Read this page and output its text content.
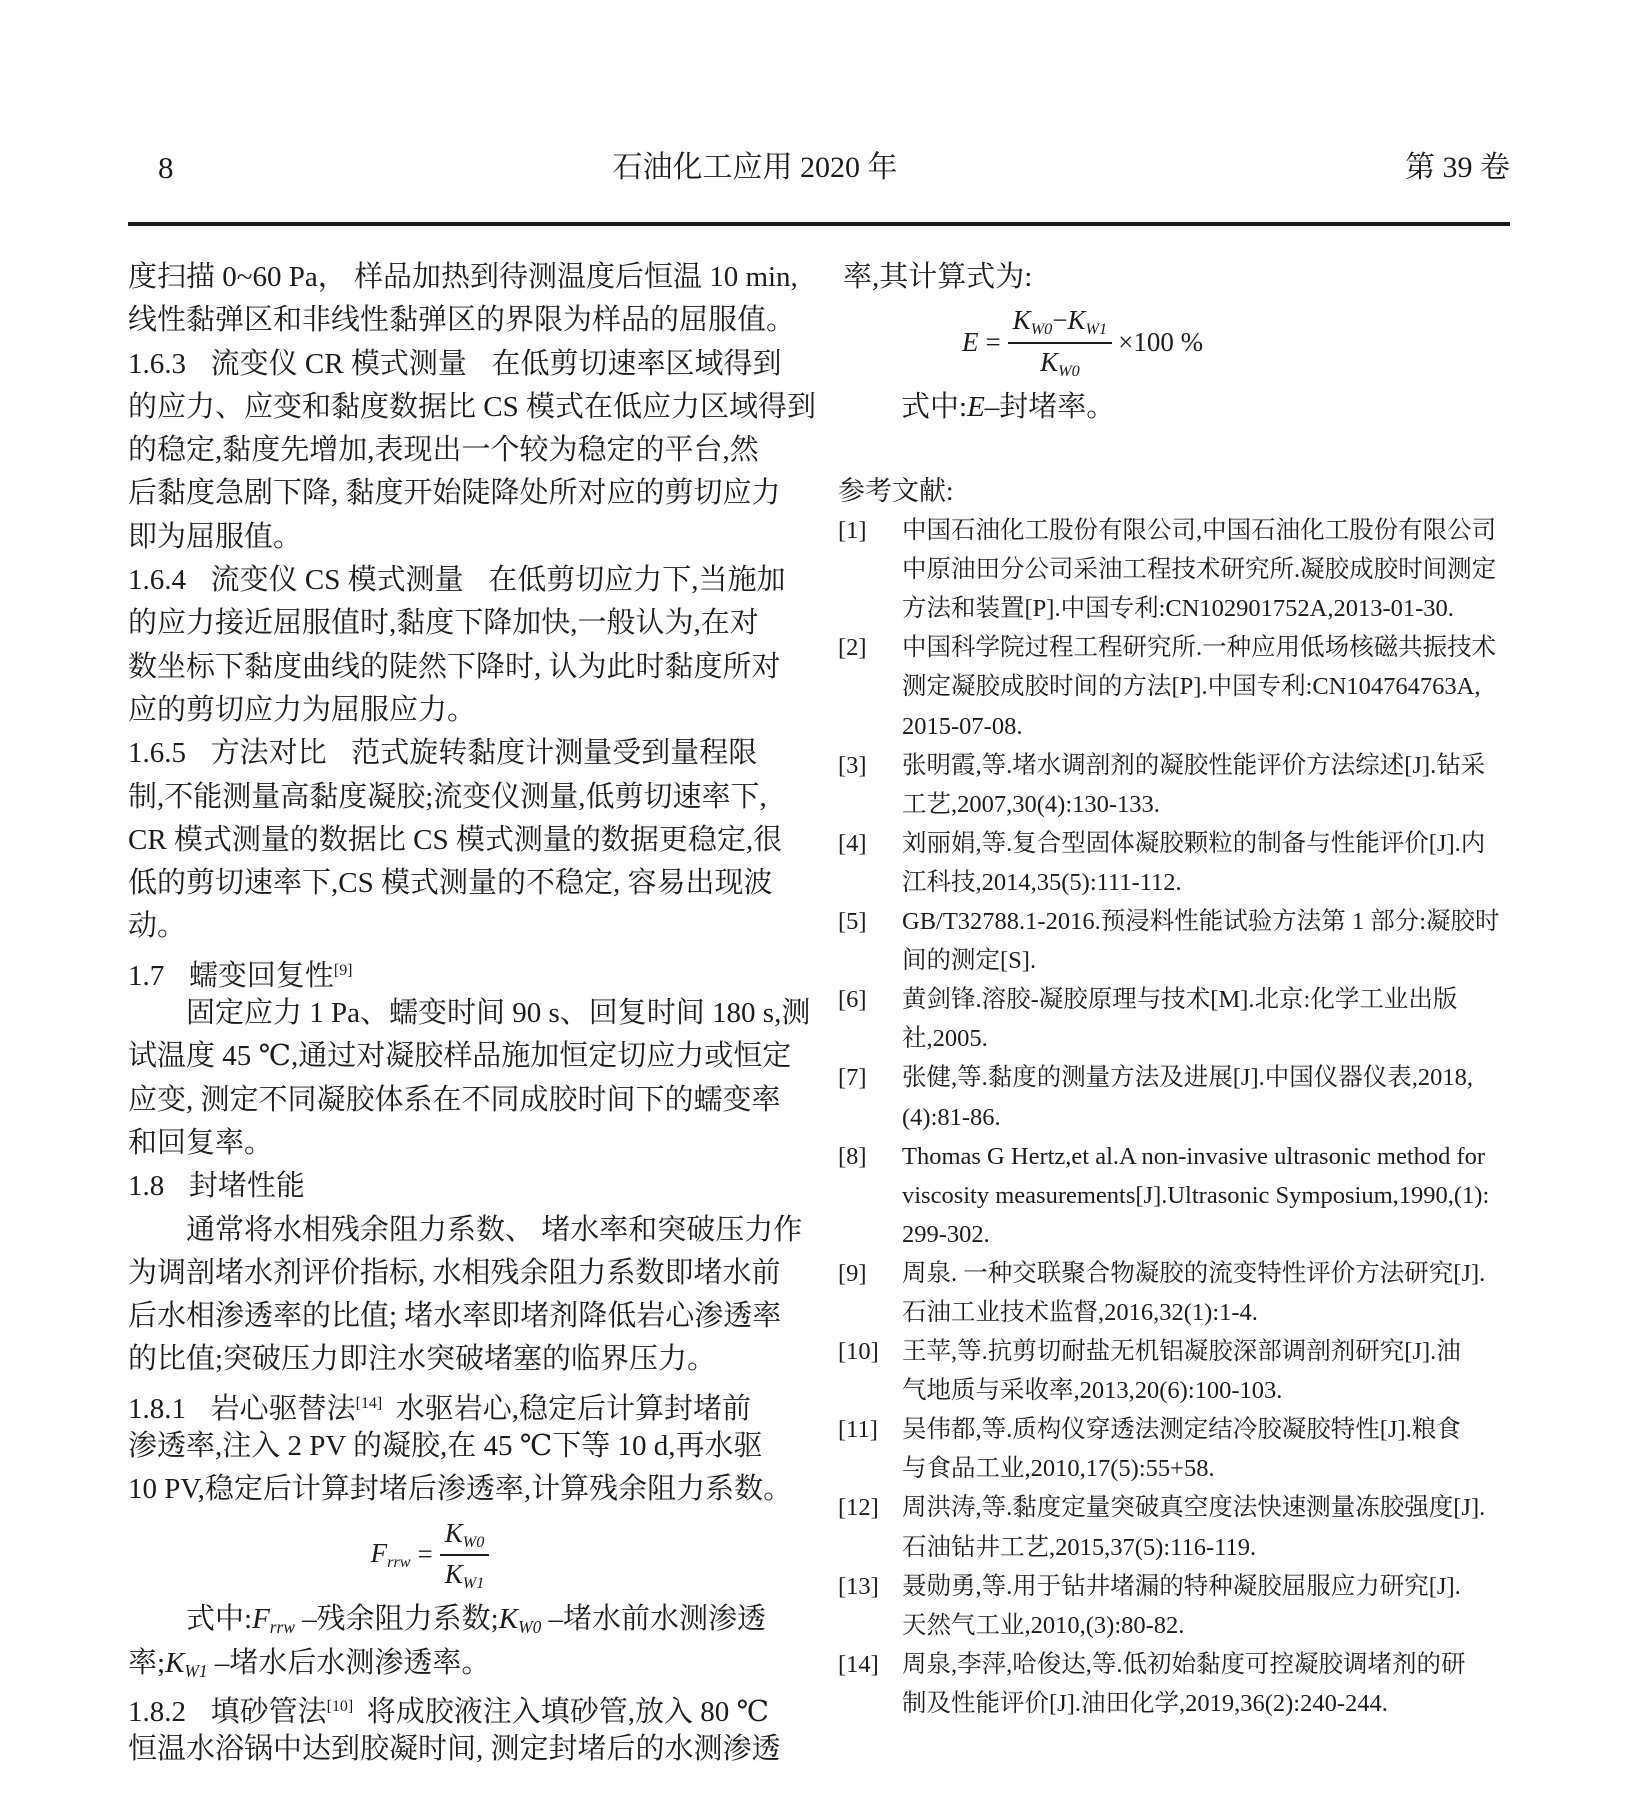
8	石油化工应用 2020 年	第 39 卷
度扫描 0~60 Pa， 样品加热到待测温度后恒温 10 min,
线性黏弹区和非线性黏弹区的界限为样品的屈服值。
1.6.3 流变仪 CR 模式测量 在低剪切速率区域得到
的应力、应变和黏度数据比 CS 模式在低应力区域得到
的稳定,黏度先增加,表现出一个较为稳定的平台,然
后黏度急剧下降, 黏度开始陡降处所对应的剪切应力
即为屈服值。
1.6.4 流变仪 CS 模式测量 在低剪切应力下,当施加
的应力接近屈服值时,黏度下降加快,一般认为,在对
数坐标下黏度曲线的陡然下降时, 认为此时黏度所对
应的剪切应力为屈服应力。
1.6.5 方法对比 范式旋转黏度计测量受到量程限
制,不能测量高黏度凝胶;流变仪测量,低剪切速率下,
CR 模式测量的数据比 CS 模式测量的数据更稳定,很
低的剪切速率下,CS 模式测量的不稳定, 容易出现波
动。
1.7 蠕变回复性[9]
固定应力 1 Pa、蠕变时间 90 s、回复时间 180 s,测
试温度 45 ℃,通过对凝胶样品施加恒定切应力或恒定
应变, 测定不同凝胶体系在不同成胶时间下的蠕变率
和回复率。
1.8 封堵性能
通常将水相残余阻力系数、 堵水率和突破压力作
为调剖堵水剂评价指标, 水相残余阻力系数即堵水前
后水相渗透率的比值; 堵水率即堵剂降低岩心渗透率
的比值;突破压力即注水突破堵塞的临界压力。
1.8.1 岩心驱替法[14] 水驱岩心,稳定后计算封堵前
渗透率,注入 2 PV 的凝胶,在 45 ℃下等 10 d,再水驱
10 PV,稳定后计算封堵后渗透率,计算残余阻力系数。
Frrw = $\frac{KW0}{KW1}$
式中:Frrw –残余阻力系数;KW0 –堵水前水测渗透
率;KW1 –堵水后水测渗透率。
1.8.2 填砂管法[10] 将成胶液注入填砂管,放入 80 ℃
恒温水浴锅中达到胶凝时间, 测定封堵后的水测渗透
率,其计算式为:
$E = \frac{KW0-KW1}{KW0} \times 100$ %
式中:E–封堵率。
参考文献:
[1]	中国石油化工股份有限公司,中国石油化工股份有限公司
中原油田分公司采油工程技术研究所.凝胶成胶时间测定
方法和装置[P].中国专利:CN102901752A,2013-01-30.
[2]	中国科学院过程工程研究所.一种应用低场核磁共振技术
测定凝胶成胶时间的方法[P].中国专利:CN104764763A,
2015-07-08.
[3]	张明霞,等.堵水调剖剂的凝胶性能评价方法综述[J].钻采
工艺,2007,30(4):130-133.
[4]	刘丽娟,等.复合型固体凝胶颗粒的制备与性能评价[J].内
江科技,2014,35(5):111-112.
[5]	GB/T32788.1-2016.预浸料性能试验方法第 1 部分:凝胶时
间的测定[S].
[6]	黄剑锋.溶胶-凝胶原理与技术[M].北京:化学工业出版
社,2005.
[7]	张健,等.黏度的测量方法及进展[J].中国仪器仪表,2018,
(4):81-86.
[8]	Thomas G Hertz,et al.A non-invasive ultrasonic method for
viscosity measurements[J].Ultrasonic Symposium,1990,(1):
299-302.
[9]	周泉. 一种交联聚合物凝胶的流变特性评价方法研究[J].
石油工业技术监督,2016,32(1):1-4.
[10] 王苹,等.抗剪切耐盐无机铝凝胶深部调剖剂研究[J].油
气地质与采收率,2013,20(6):100-103.
[11] 吴伟都,等.质构仪穿透法测定结冷胶凝胶特性[J].粮食
与食品工业,2010,17(5):55+58.
[12] 周洪涛,等.黏度定量突破真空度法快速测量冻胶强度[J].
石油钻井工艺,2015,37(5):116-119.
[13] 聂勋勇,等.用于钻井堵漏的特种凝胶屈服应力研究[J].
天然气工业,2010,(3):80-82.
[14] 周泉,李萍,哈俊达,等.低初始黏度可控凝胶调堵剂的研
制及性能评价[J].油田化学,2019,36(2):240-244.
